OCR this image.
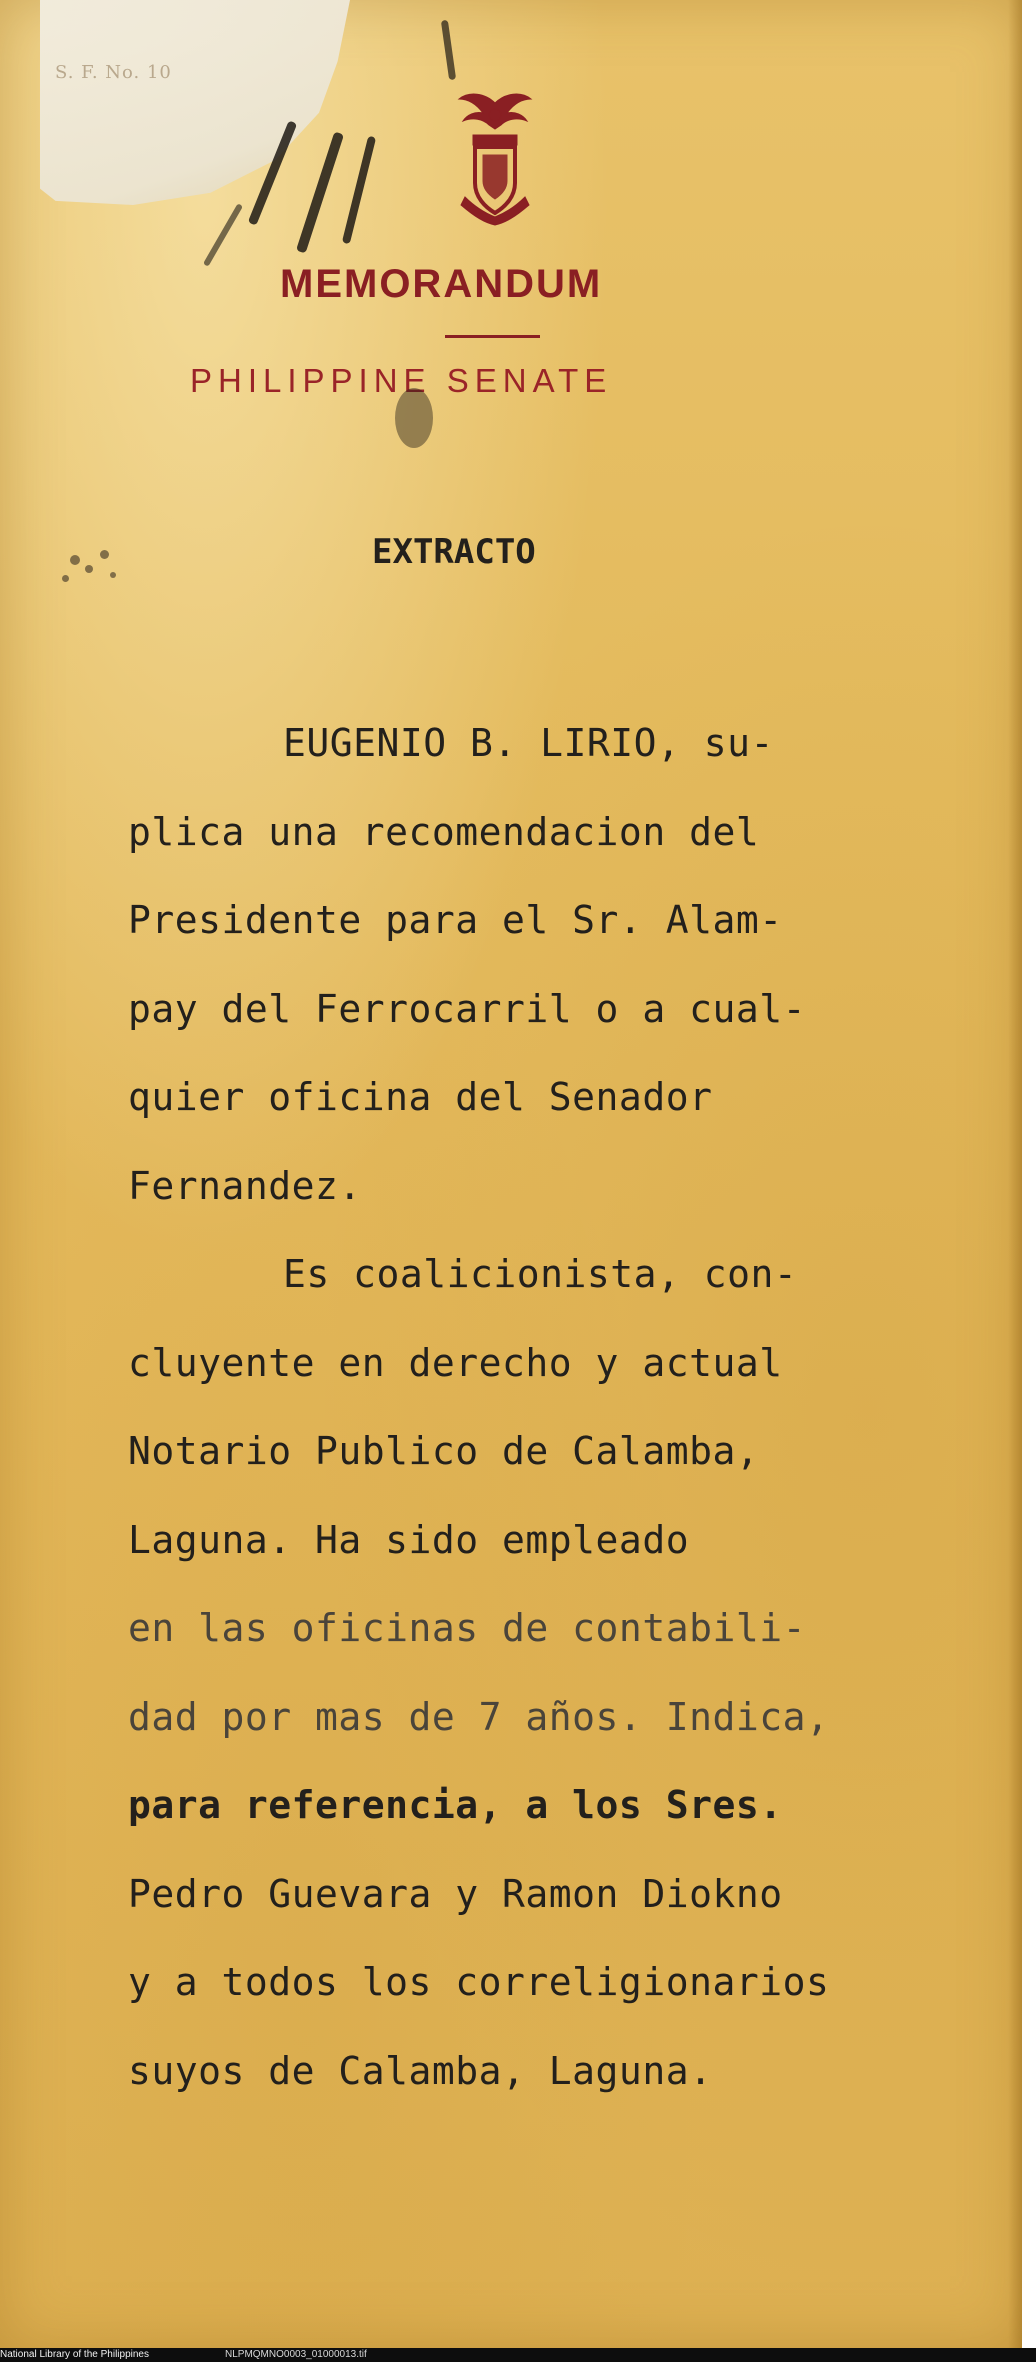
S. F. No. 10
MEMORANDUM
PHILIPPINE SENATE
EXTRACTO

EUGENIO B. LIRIO, su-

plica una recomendacion del

Presidente para el Sr. Alam-

pay del Ferrocarril o a cual-

quier oficina del Senador

Fernandez.

Es coalicionista, con-

cluyente en derecho y actual

Notario Publico de Calamba,

Laguna. Ha sido empleado

en las oficinas de contabili-

dad por mas de 7 años. Indica,

para referencia, a los Sres.

Pedro Guevara y Ramon Diokno

y a todos los correligionarios

suyos de Calamba, Laguna.

National Library of the Philippines	NLPMQMNO0003_01000013.tif
